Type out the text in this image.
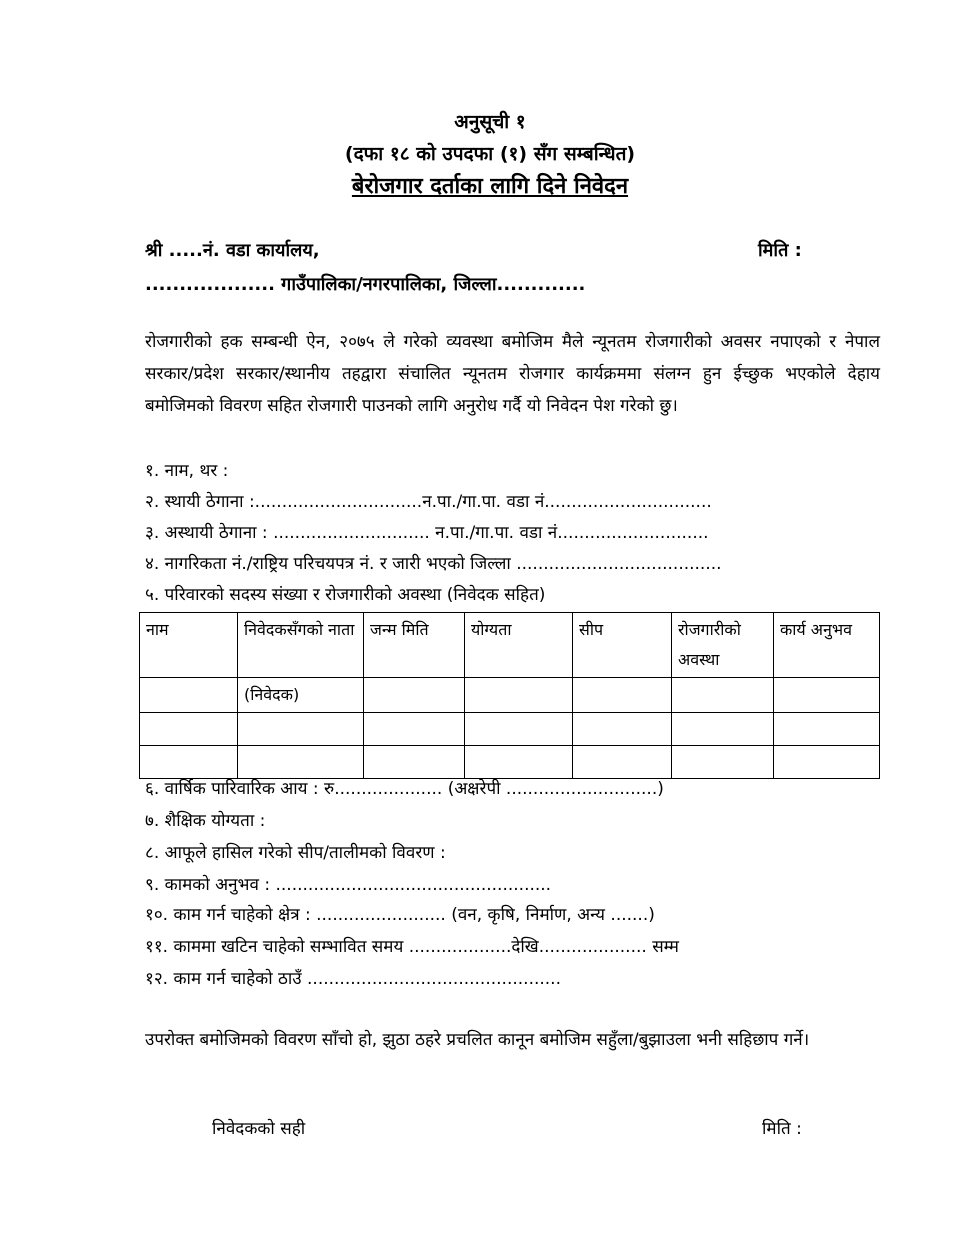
अनुसूची १
(दफा १८ को उपदफा (१) सँग सम्बन्धित)
बेरोजगार दर्ताका लागि दिने निवेदन
श्री .....नं. वडा कार्यालय,	मिति :
................... गाउँपालिका/नगरपालिका, जिल्ला.............
रोजगारीको हक सम्बन्धी ऐन, २०७५ ले गरेको व्यवस्था बमोजिम मैले न्यूनतम रोजगारीको अवसर नपाएको र नेपाल सरकार/प्रदेश सरकार/स्थानीय तहद्वारा संचालित न्यूनतम रोजगार कार्यक्रममा संलग्न हुन ईच्छुक भएकोले देहाय बमोजिमको विवरण सहित रोजगारी पाउनको लागि अनुरोध गर्दै यो निवेदन पेश गरेको छु।
१. नाम, थर :
२. स्थायी ठेगाना :...............................न.पा./गा.पा. वडा नं...............................
३. अस्थायी ठेगाना : ............................. न.पा./गा.पा. वडा नं............................
४. नागरिकता नं./राष्ट्रिय परिचयपत्र नं. र जारी भएको जिल्ला ......................................
५. परिवारको सदस्य संख्या र रोजगारीको अवस्था (निवेदक सहित)
नाम	निवेदकसँगको नाता	जन्म मिति	योग्यता	सीप	रोजगारीको अवस्था	कार्य अनुभव
	(निवेदक)					

६. वार्षिक पारिवारिक आय : रु.................... (अक्षरेपी ............................)
७. शैक्षिक योग्यता :
८. आफूले हासिल गरेको सीप/तालीमको विवरण :
९. कामको अनुभव : ...................................................
१०. काम गर्न चाहेको क्षेत्र : ........................ (वन, कृषि, निर्माण, अन्य .......)
११. काममा खटिन चाहेको सम्भावित समय ...................देखि.................... सम्म
१२. काम गर्न चाहेको ठाउँ ...............................................
उपरोक्त बमोजिमको विवरण साँचो हो, झुठा ठहरे प्रचलित कानून बमोजिम सहुँला/बुझाउला भनी सहिछाप गर्ने।
निवेदकको सही	मिति :
